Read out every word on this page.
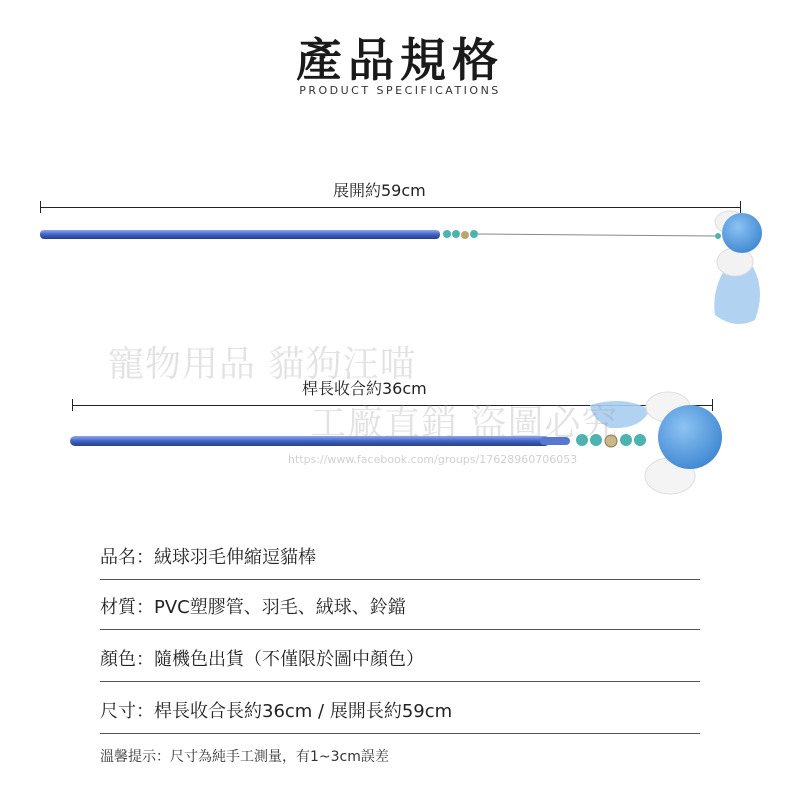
產品規格
PRODUCT SPECIFICATIONS
展開約59cm
桿長收合約36cm
寵物用品 貓狗汪喵
工廠直銷 盜圖必究
https://www.facebook.com/groups/17628960706053
品名：絨球羽毛伸縮逗貓棒
材質：PVC塑膠管、羽毛、絨球、鈴鐺
顏色：隨機色出貨（不僅限於圖中顏色）
尺寸：桿長收合長約36cm / 展開長約59cm
溫馨提示：尺寸為純手工測量，有1~3cm誤差
